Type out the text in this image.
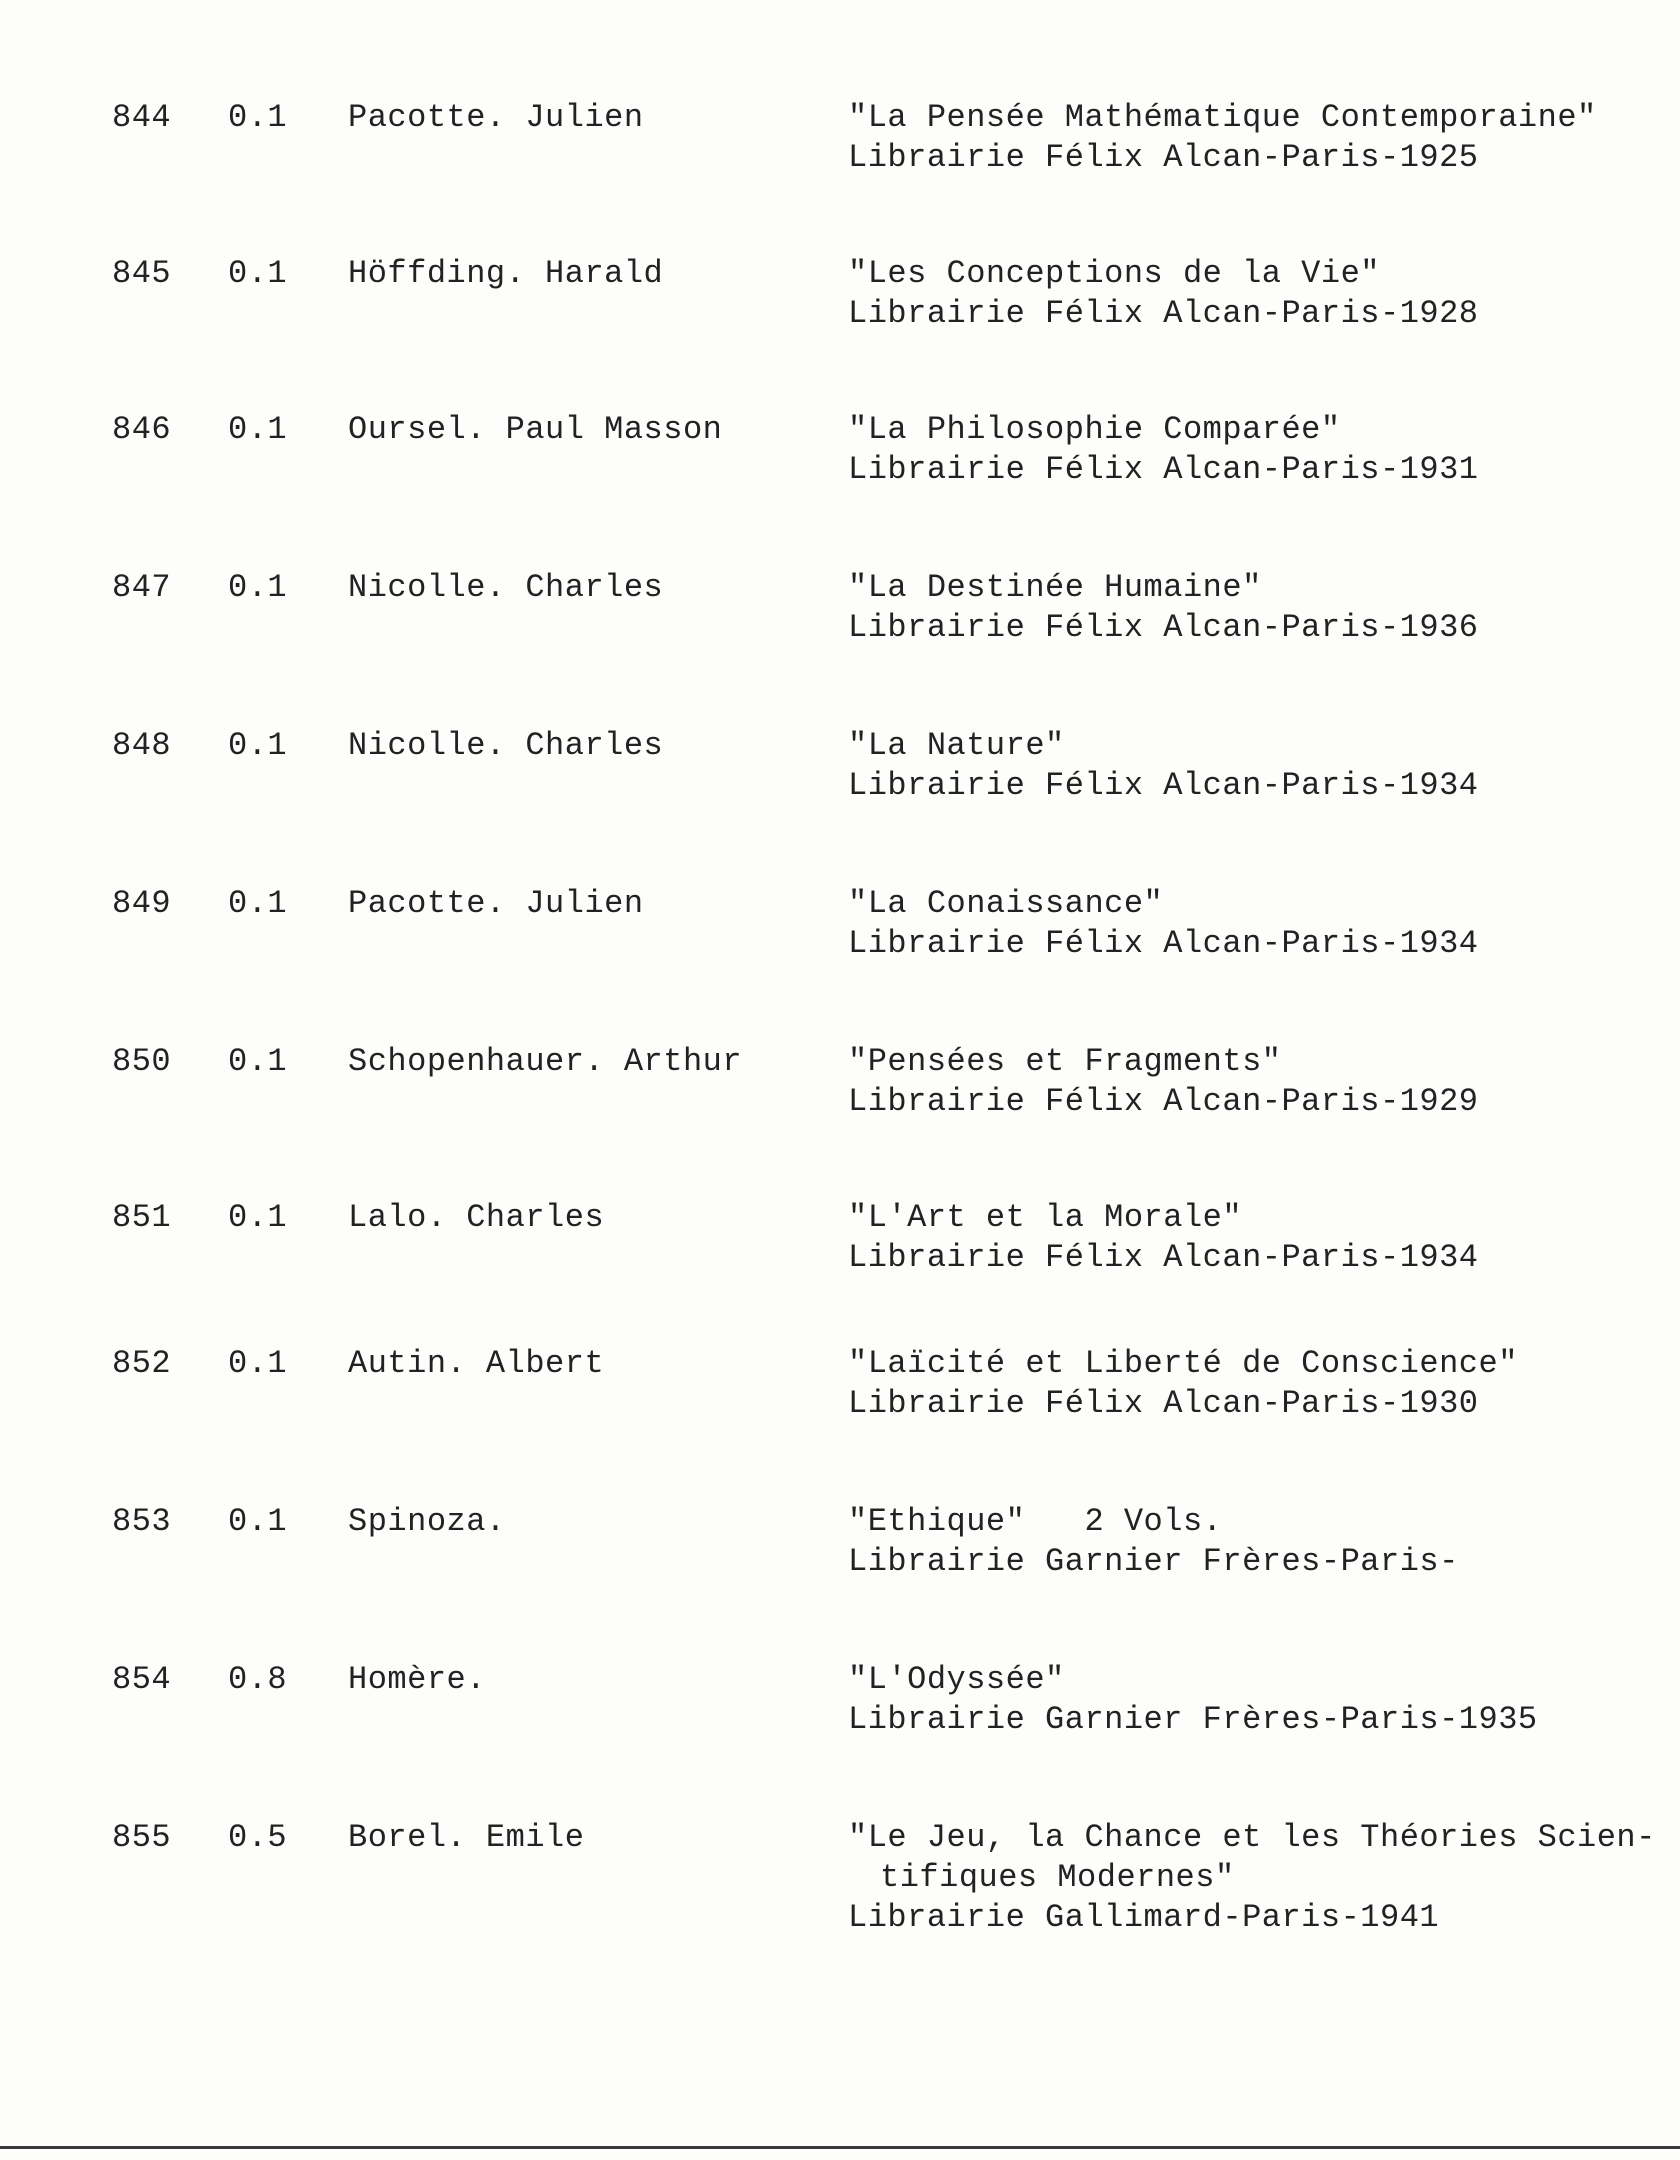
844 0.1 Pacotte. Julien	"La Pensée Mathématique Contemporaine"
Librairie Félix Alcan-Paris-1925
845 0.1 Höffding. Harald	"Les Conceptions de la Vie"
Librairie Félix Alcan-Paris-1928
846 0.1 Oursel. Paul Masson	"La Philosophie Comparée"
Librairie Félix Alcan-Paris-1931
847 0.1 Nicolle. Charles	"La Destinée Humaine"
Librairie Félix Alcan-Paris-1936
848 0.1 Nicolle. Charles	"La Nature"
Librairie Félix Alcan-Paris-1934
849 0.1 Pacotte. Julien	"La Conaissance"
Librairie Félix Alcan-Paris-1934
850 0.1 Schopenhauer. Arthur	"Pensées et Fragments"
Librairie Félix Alcan-Paris-1929
851 0.1 Lalo. Charles	"L'Art et la Morale"
Librairie Félix Alcan-Paris-1934
852 0.1 Autin. Albert	"Laïcité et Liberté de Conscience"
Librairie Félix Alcan-Paris-1930
853 0.1 Spinoza.	"Ethique"   2 Vols.
Librairie Garnier Frères-Paris-
854 0.8 Homère.	"L'Odyssée"
Librairie Garnier Frères-Paris-1935
855 0.5 Borel. Emile	"Le Jeu, la Chance et les Théories Scien-
tifiques Modernes"
Librairie Gallimard-Paris-1941
